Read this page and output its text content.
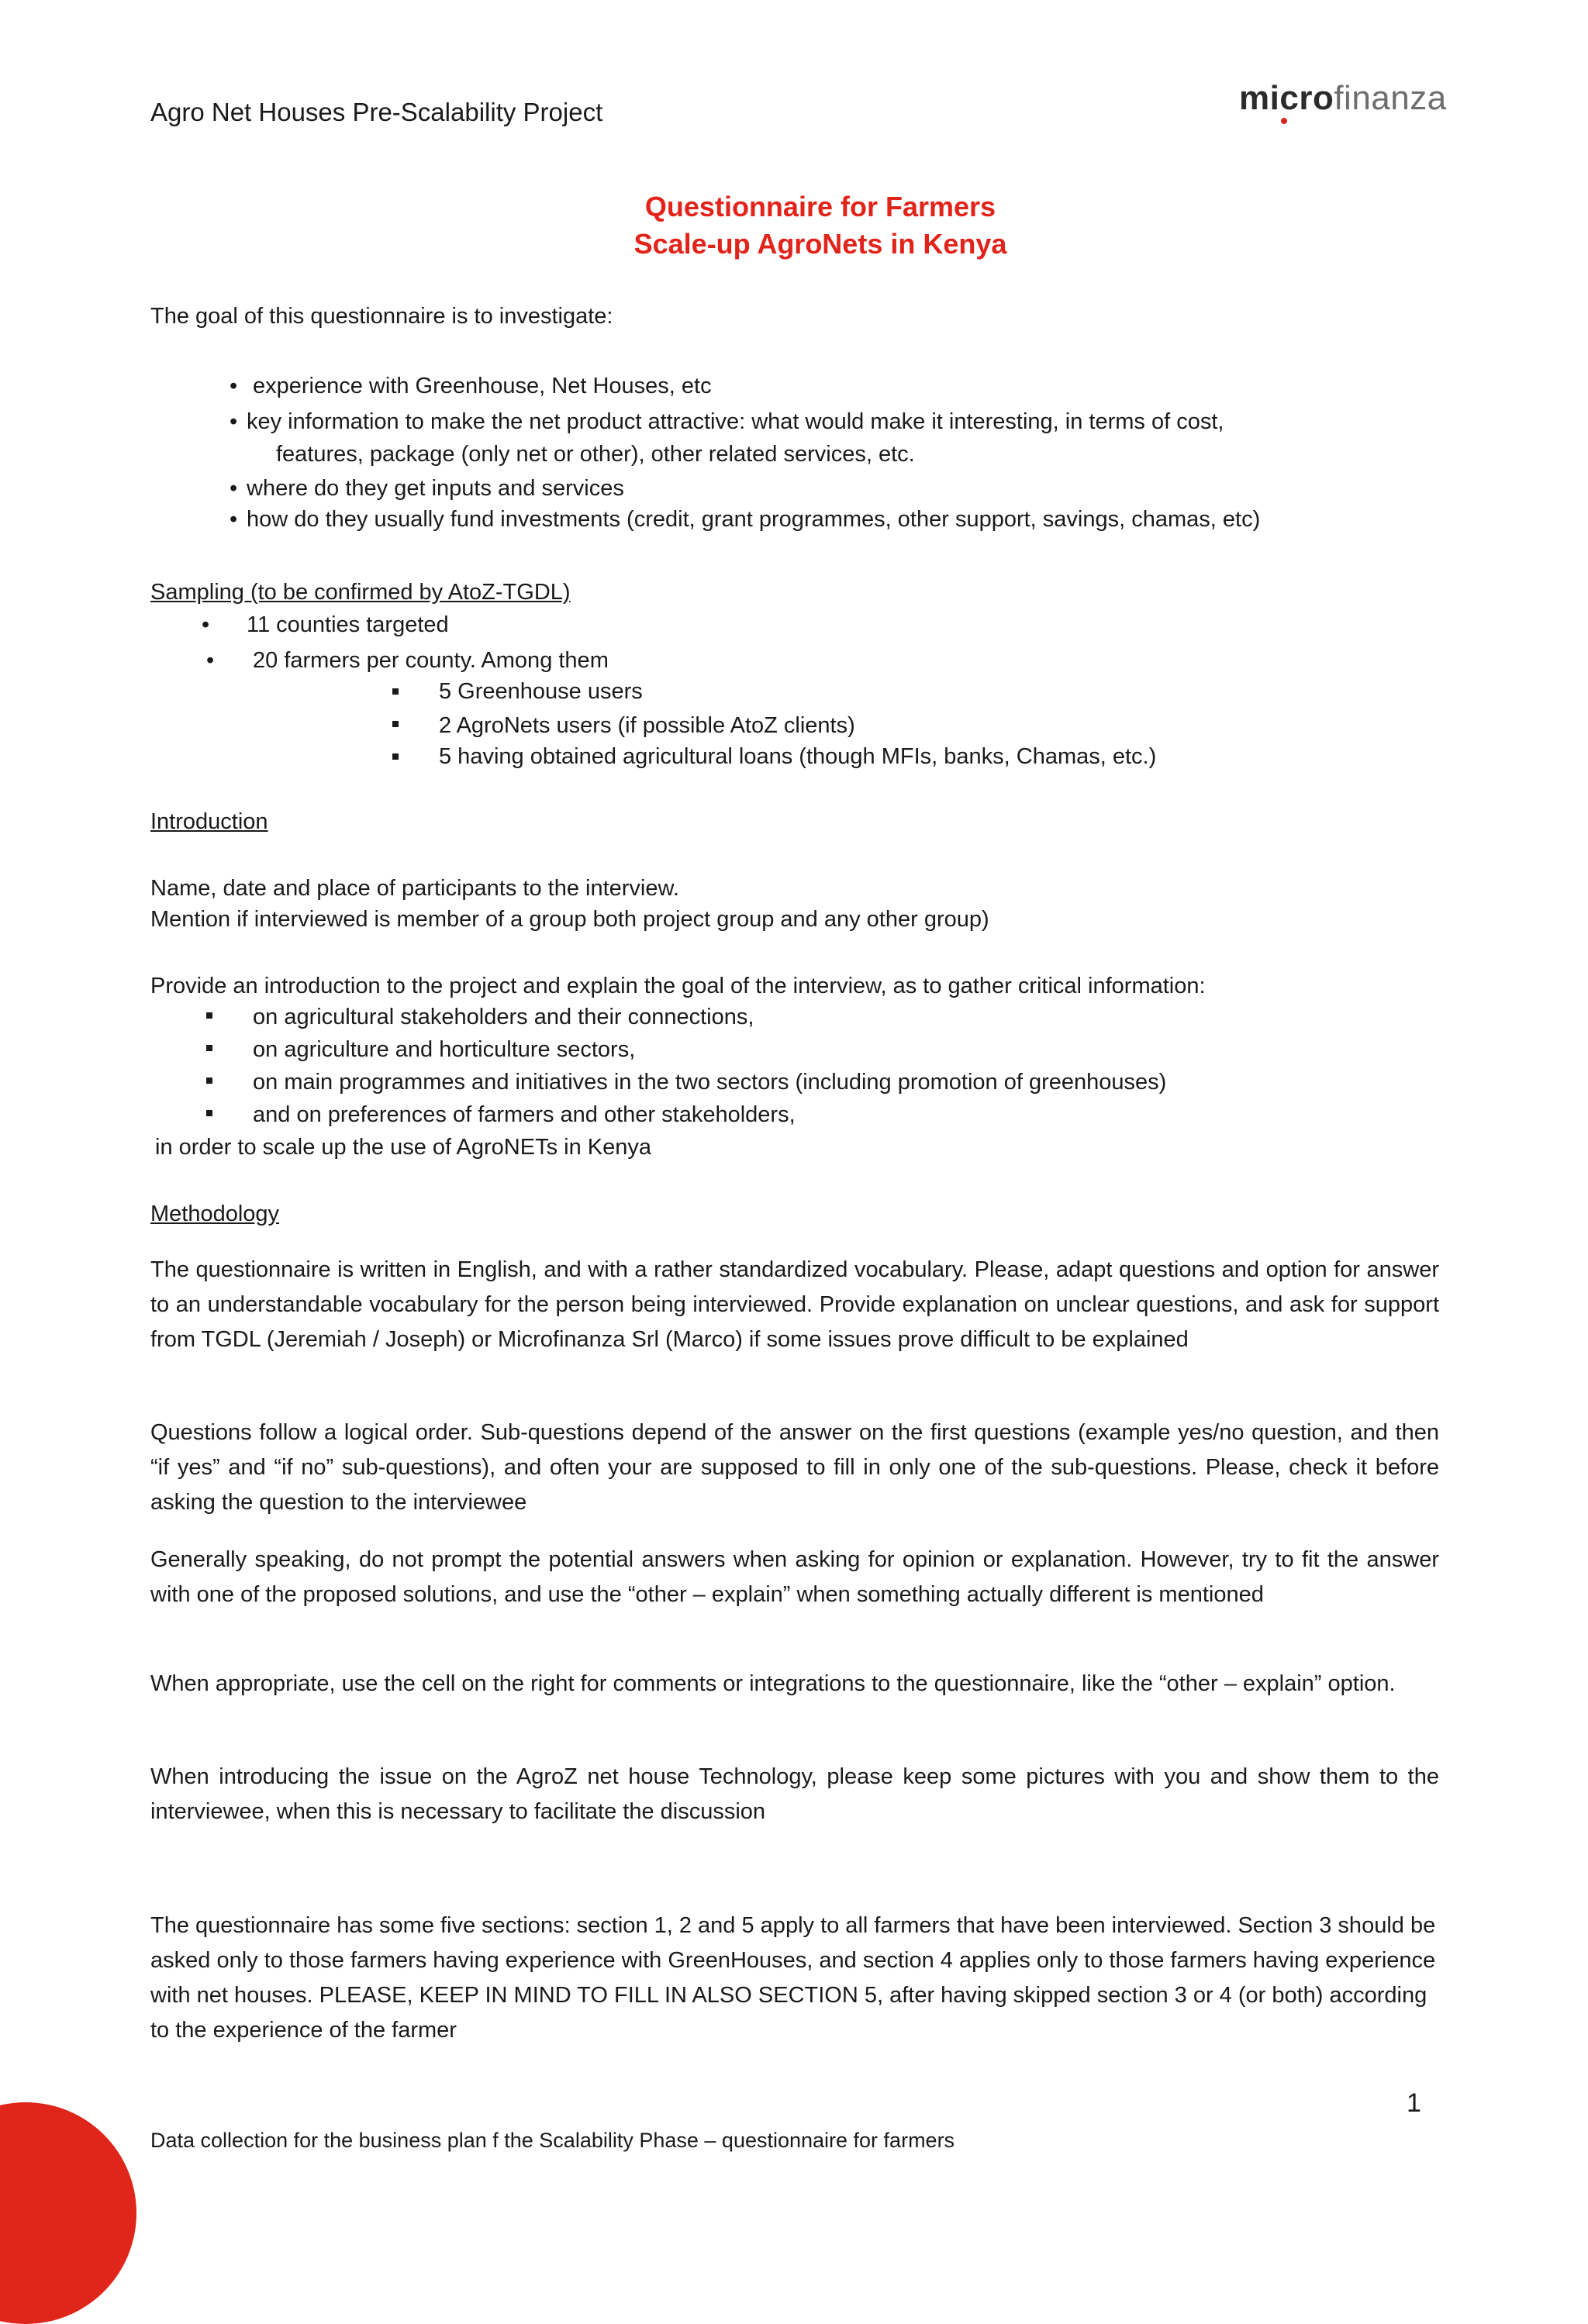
Agro Net Houses Pre-Scalability Project	microfinanza
Questionnaire for Farmers
Scale-up AgroNets in Kenya
The goal of this questionnaire is to investigate:
• experience with Greenhouse, Net Houses, etc
• key information to make the net product attractive: what would make it interesting, in terms of cost,
features, package (only net or other), other related services, etc.
• where do they get inputs and services
• how do they usually fund investments (credit, grant programmes, other support, savings, chamas, etc)
Sampling (to be confirmed by AtoZ-TGDL)
• 11 counties targeted
• 20 farmers per county. Among them
5 Greenhouse users
2 AgroNets users (if possible AtoZ clients)
5 having obtained agricultural loans (though MFIs, banks, Chamas, etc.)
Introduction
Name, date and place of participants to the interview.
Mention if interviewed is member of a group both project group and any other group)
Provide an introduction to the project and explain the goal of the interview, as to gather critical information:
on agricultural stakeholders and their connections,
on agriculture and horticulture sectors,
on main programmes and initiatives in the two sectors (including promotion of greenhouses)
and on preferences of farmers and other stakeholders,
in order to scale up the use of AgroNETs in Kenya
Methodology
The questionnaire is written in English, and with a rather standardized vocabulary. Please, adapt questions and option for answer to an understandable vocabulary for the person being interviewed. Provide explanation on unclear questions, and ask for support from TGDL (Jeremiah / Joseph) or Microfinanza Srl (Marco) if some issues prove difficult to be explained
Questions follow a logical order. Sub-questions depend of the answer on the first questions (example yes/no question, and then “if yes” and “if no” sub-questions), and often your are supposed to fill in only one of the sub-questions. Please, check it before asking the question to the interviewee
Generally speaking, do not prompt the potential answers when asking for opinion or explanation. However, try to fit the answer with one of the proposed solutions, and use the “other – explain” when something actually different is mentioned
When appropriate, use the cell on the right for comments or integrations to the questionnaire, like the “other – explain” option.
When introducing the issue on the AgroZ net house Technology, please keep some pictures with you and show them to the interviewee, when this is necessary to facilitate the discussion
The questionnaire has some five sections: section 1, 2 and 5 apply to all farmers that have been interviewed. Section 3 should be asked only to those farmers having experience with GreenHouses, and section 4 applies only to those farmers having experience with net houses. PLEASE, KEEP IN MIND TO FILL IN ALSO SECTION 5, after having skipped section 3 or 4 (or both) according to the experience of the farmer
1
Data collection for the business plan f the Scalability Phase – questionnaire for farmers
